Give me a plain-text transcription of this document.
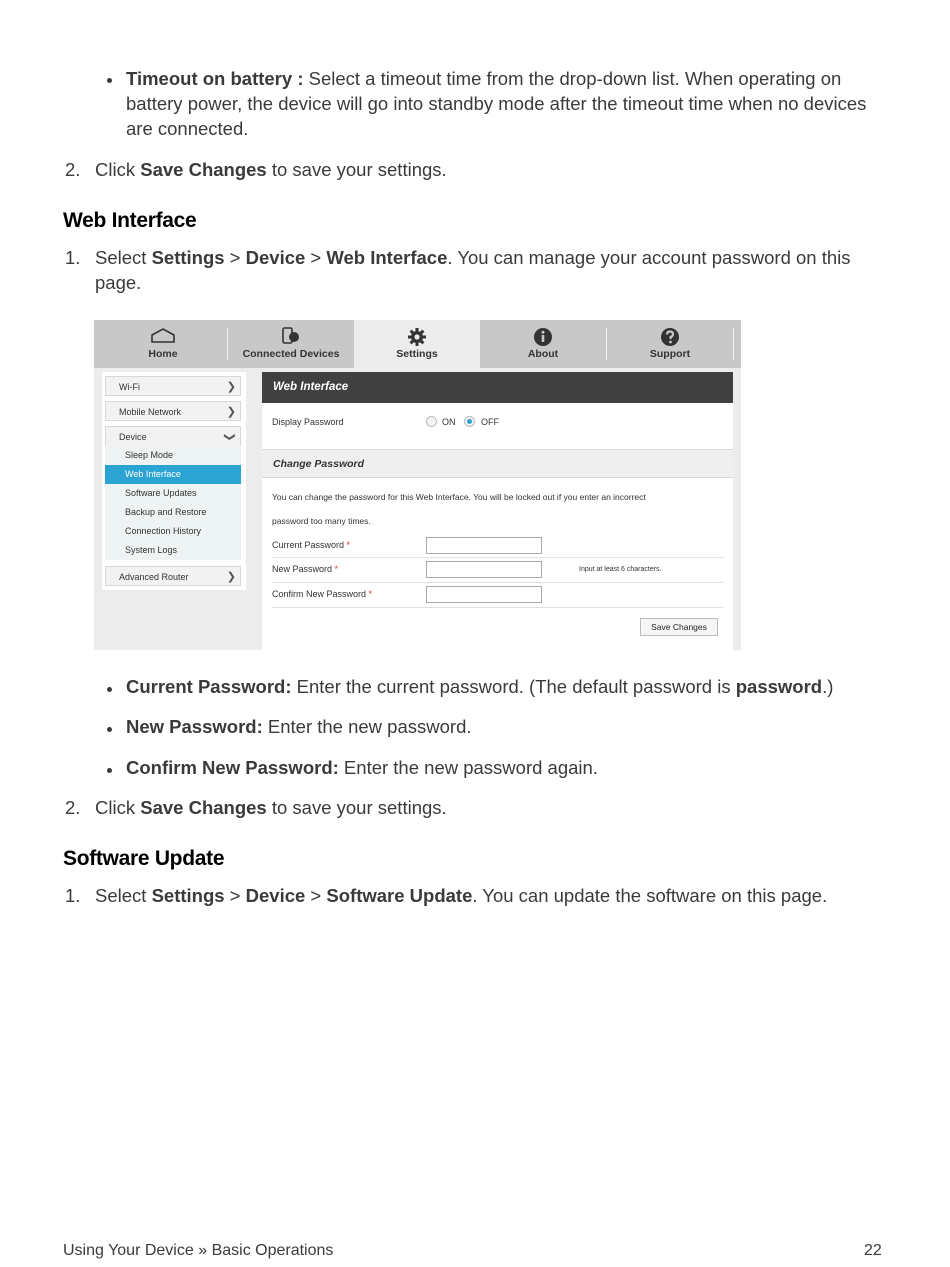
Timeout on battery : Select a timeout time from the drop-down list. When operating on
battery power, the device will go into standby mode after the timeout time when no devices
are connected.
2. Click Save Changes to save your settings.
Web Interface
1. Select Settings > Device > Web Interface. You can manage your account password on this
page.
Home	Connected Devices	Settings	About	Support
Wi-Fi	❯
Mobile Network	❯
Device	❯
Sleep Mode
Web Interface
Software Updates
Backup and Restore
Connection History
System Logs
Advanced Router	❯
Web Interface
Display Password	ON	OFF
Change Password
You can change the password for this Web Interface. You will be locked out if you enter an incorrect
password too many times.
Current Password *
New Password *	Input at least 6 characters.
Confirm New Password *
Save Changes
Current Password: Enter the current password. (The default password is password.)
New Password: Enter the new password.
Confirm New Password: Enter the new password again.
2. Click Save Changes to save your settings.
Software Update
1. Select Settings > Device > Software Update. You can update the software on this page.
Using Your Device » Basic Operations	22
